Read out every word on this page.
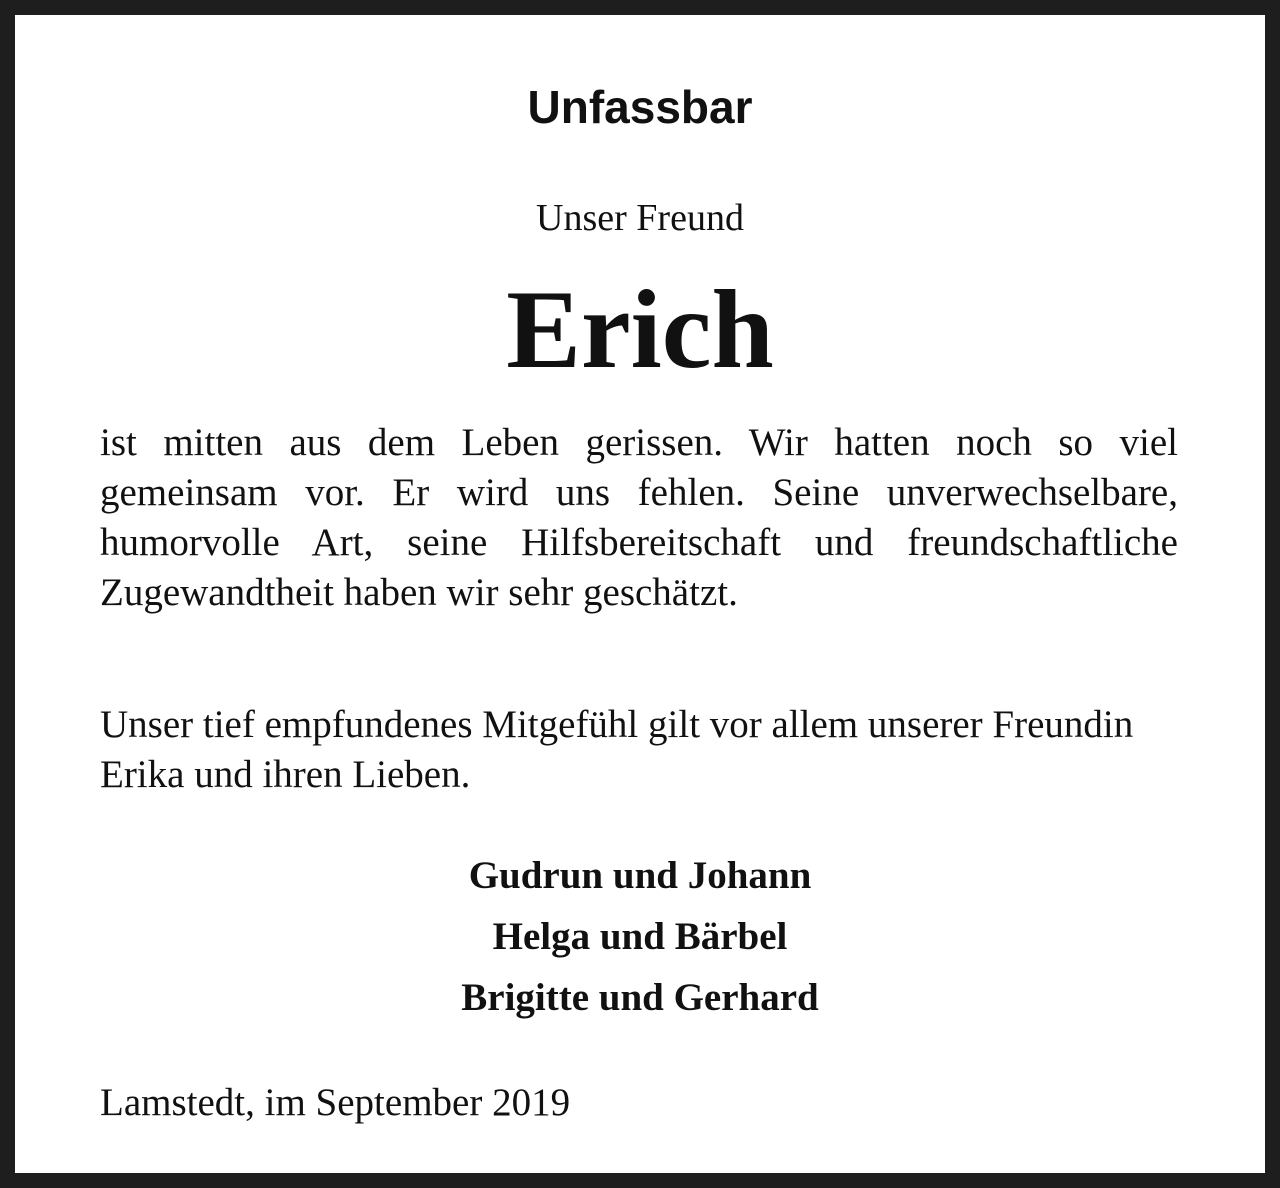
Unfassbar
Unser Freund
Erich

ist mitten aus dem Leben gerissen. Wir hatten noch so viel gemeinsam vor. Er wird uns fehlen. Seine unverwechselbare, humorvolle Art, seine Hilfsbereitschaft und freundschaftliche Zugewandtheit haben wir sehr geschätzt.

Unser tief empfundenes Mitgefühl gilt vor allem unserer Freundin Erika und ihren Lieben.

Gudrun und Johann
Helga und Bärbel
Brigitte und Gerhard
Lamstedt, im September 2019
